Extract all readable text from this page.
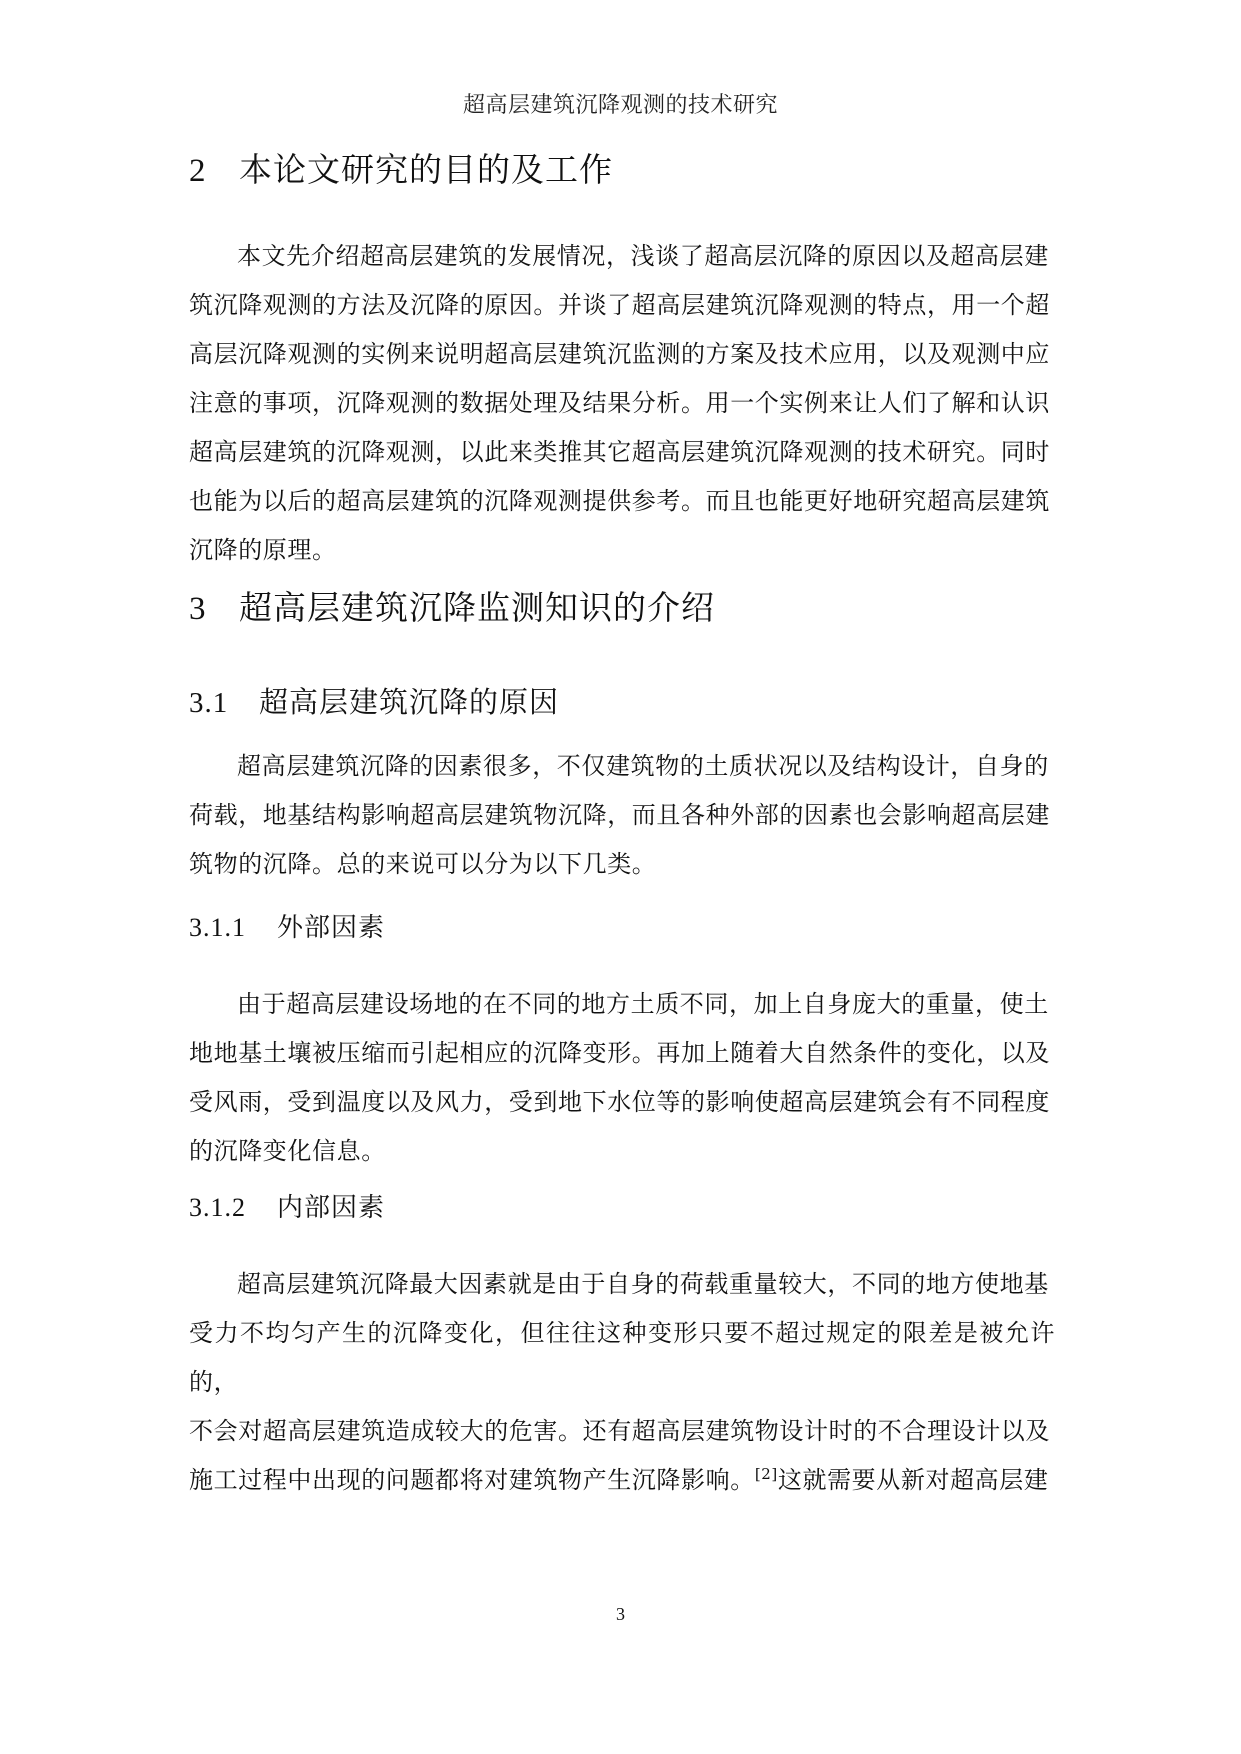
超高层建筑沉降观测的技术研究
2 本论文研究的目的及工作

本文先介绍超高层建筑的发展情况，浅谈了超高层沉降的原因以及超高层建
筑沉降观测的方法及沉降的原因。并谈了超高层建筑沉降观测的特点，用一个超
高层沉降观测的实例来说明超高层建筑沉监测的方案及技术应用，以及观测中应
注意的事项，沉降观测的数据处理及结果分析。用一个实例来让人们了解和认识
超高层建筑的沉降观测，以此来类推其它超高层建筑沉降观测的技术研究。同时
也能为以后的超高层建筑的沉降观测提供参考。而且也能更好地研究超高层建筑
沉降的原理。

3 超高层建筑沉降监测知识的介绍
3.1 超高层建筑沉降的原因

超高层建筑沉降的因素很多，不仅建筑物的土质状况以及结构设计，自身的
荷载，地基结构影响超高层建筑物沉降，而且各种外部的因素也会影响超高层建
筑物的沉降。总的来说可以分为以下几类。

3.1.1 外部因素

由于超高层建设场地的在不同的地方土质不同，加上自身庞大的重量，使土
地地基土壤被压缩而引起相应的沉降变形。再加上随着大自然条件的变化，以及
受风雨，受到温度以及风力，受到地下水位等的影响使超高层建筑会有不同程度
的沉降变化信息。

3.1.2 内部因素

超高层建筑沉降最大因素就是由于自身的荷载重量较大，不同的地方使地基
受力不均匀产生的沉降变化，但往往这种变形只要不超过规定的限差是被允许的，
不会对超高层建筑造成较大的危害。还有超高层建筑物设计时的不合理设计以及
施工过程中出现的问题都将对建筑物产生沉降影响。[2]这就需要从新对超高层建

3
